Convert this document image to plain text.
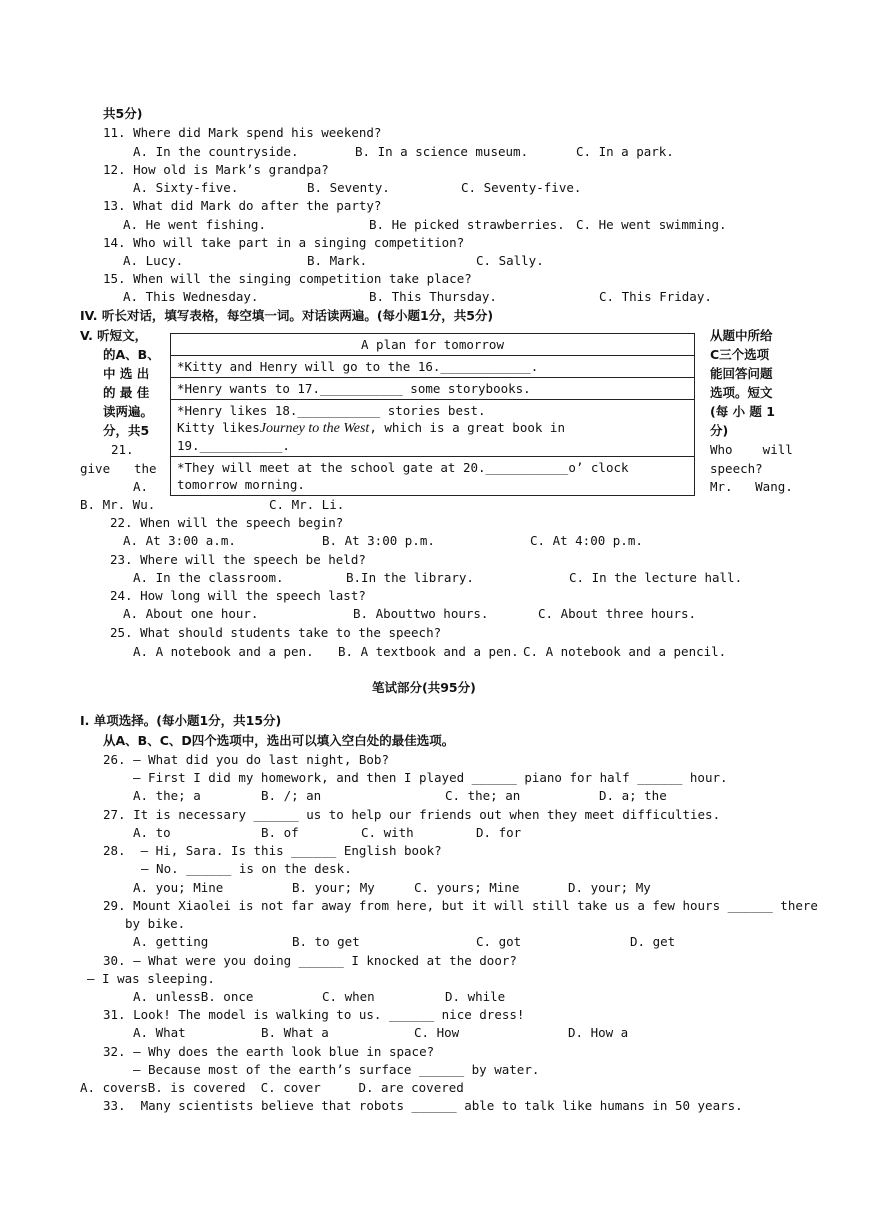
共5分)
11. Where did Mark spend his weekend?
A. In the countryside.	B. In a science museum.	C. In a park.
12. How old is Mark’s grandpa?
A. Sixty-five.	B. Seventy.	C. Seventy-five.
13. What did Mark do after the party?
A. He went fishing.	B. He picked strawberries. C. He went swimming.
14. Who will take part in a singing competition?
A. Lucy.	B. Mark.	C. Sally.
15. When will the singing competition take place?
A. This Wednesday.	B. This Thursday.	C. This Friday.
IV. 听长对话，填写表格，每空填一词。对话读两遍。(每小题1分，共5分)
V. 听短文，
的A、B、
中 选 出
的 最 佳
读两遍。
分，共5
21.
give the
A.
从题中所给
C三个选项
能回答问题
选项。短文
(每 小 题 1
分)
Who    will
speech?
Mr.   Wang.
A plan for tomorrow
*Kitty and Henry will go to the 16.____________.
*Henry wants to 17.___________ some storybooks.

*Henry likes 18.___________ stories best.
Kitty likesJourney to the West, which is a great book in
19.___________.

*They will meet at the school gate at 20.___________o’ clock tomorrow morning.
B. Mr. Wu.	C. Mr. Li.
22. When will the speech begin?
A. At 3:00 a.m.	B. At 3:00 p.m.	C. At 4:00 p.m.
23. Where will the speech be held?
A. In the classroom.	B.In the library.	C. In the lecture hall.
24. How long will the speech last?
A. About one hour.	B. Abouttwo hours.	C. About three hours.
25. What should students take to the speech?
A. A notebook and a pen. B. A textbook and a pen. C. A notebook and a pencil.
笔试部分(共95分)
I. 单项选择。(每小题1分，共15分)
从A、B、C、D四个选项中，选出可以填入空白处的最佳选项。
26. — What did you do last night, Bob?
— First I did my homework, and then I played ______ piano for half ______ hour.
A. the; a	B. /; an	C. the; an	D. a; the
27. It is necessary ______ us to help our friends out when they meet difficulties.
A. to	B. of	C. with	D. for
28.  — Hi, Sara. Is this ______ English book?
— No. ______ is on the desk.
A. you; Mine	B. your; My	C. yours; Mine	D. your; My
29. Mount Xiaolei is not far away from here, but it will still take us a few hours ______ there
by bike.
A. getting	B. to get	C. got	D. get
30. — What were you doing ______ I knocked at the door?
— I was sleeping.
A. unlessB. once	C. when	D. while
31. Look! The model is walking to us. ______ nice dress!
A. What	B. What a	C. How	D. How a
32. — Why does the earth look blue in space?
— Because most of the earth’s surface ______ by water.
A. coversB. is covered  C. cover     D. are covered
33.  Many scientists believe that robots ______ able to talk like humans in 50 years.
